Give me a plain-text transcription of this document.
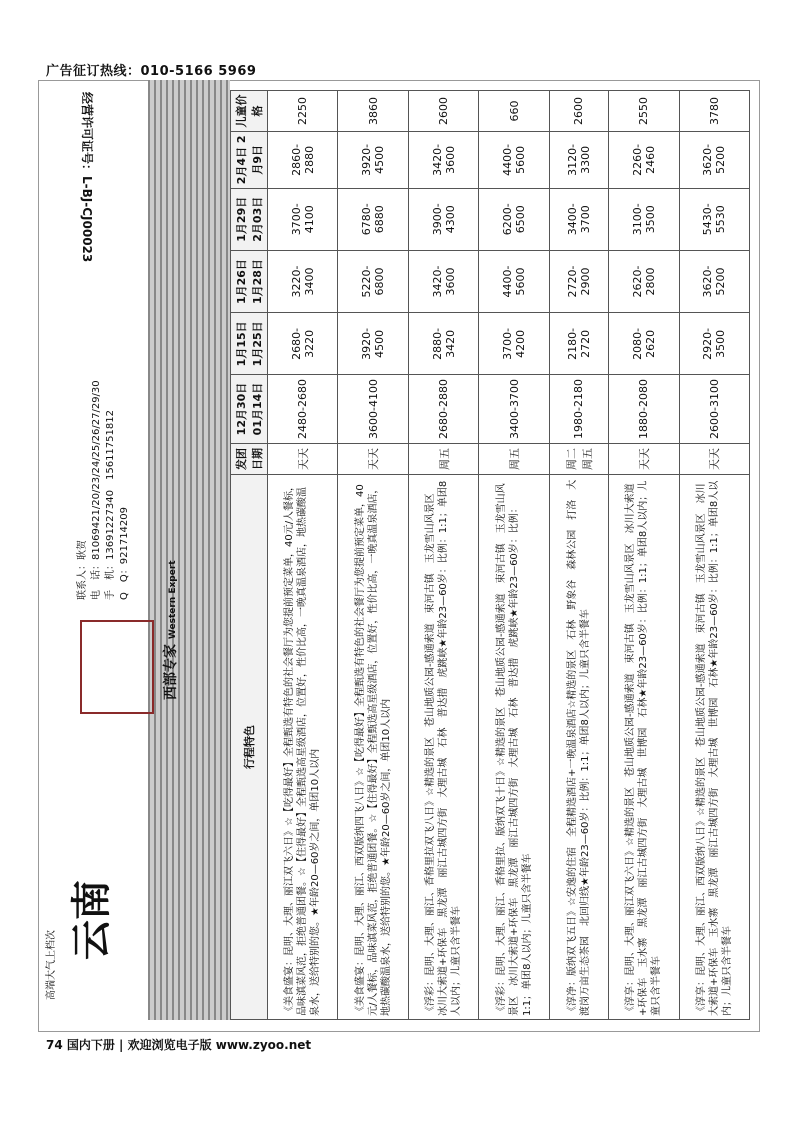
广告征订热线：010-5166 5969
经营许可证号：L-BJ-CJ00023
云南
西部专家 Western Expert
联系人：耿贺 电　话：81069421/20/23/24/25/26/27/29/30 手　机：13691227340　15611751812 Q　Q：921714209
高端大气上档次
行程特色	发团日期	12月30日 01月14日	1月15日 1月25日	1月26日 1月28日	1月29日 2月03日	2月4日 2月9日	儿童价格
《美食盛宴：昆明、大理、丽江双飞六日》☆【吃得最好】全程甄选有特色的社会餐厅为您提前预定菜单，40元/人餐标，品味滇菜风范，拒绝普通团餐。☆【住得最好】全程甄选高星级酒店，位置好，性价比高，一晚真温泉酒店，地热碳酸温泉水，送给特别的您。★年龄20—60岁之间，单团10人以内	天天	2480-2680	2680-3220	3220-3400	3700-4100	2860-2880	2250
《美食盛宴：昆明、大理、丽江、西双版纳四飞八日》☆【吃得最好】全程甄选有特色的社会餐厅为您提前预定菜单，40元/人餐标，品味滇菜风范，拒绝普通团餐。☆【住得最好】全程甄选高星级酒店，位置好，性价比高，一晚真温泉酒店，地热碳酸温泉水，送给特别的您。★年龄20—60岁之间，单团10人以内	天天	3600-4100	3920-4500	5220-6800	6780-6880	3920-4500	3860
《浮彩：昆明、大理、丽江、香格里拉双飞八日》☆精选的景区　苍山地质公园-感通索道　束河古镇　玉龙雪山风景区　冰川大索道+环保车　黑龙潭　丽江古城四方街　大理古城　石林　普达措　虎跳峡★年龄23—60岁：比例：1:1；单团8人以内；儿童只含半餐车	周五	2680-2880	2880-3420	3420-3600	3900-4300	3420-3600	2600
《浮彩：昆明、大理、丽江、香格里拉、版纳双飞十日》☆精选的景区　苍山地质公园-感通索道　束河古镇　玉龙雪山风景区　冰川大索道+环保车　黑龙潭　丽江古城四方街　大理古城　石林　普达措　虎跳峡★年龄23—60岁：比例：1:1；单团8人以内；儿童只含半餐车	周五	3400-3700	3700-4200	4400-5600	6200-6500	4400-5600	660
《淳净：版纳双飞五日》☆安逸的住宿　全程精选酒店+一晚温泉酒店☆精选的景区　石林　野象谷　森林公园　打洛　大渡岗万亩生态茶园　北回归线★年龄23—60岁：比例：1:1；单团8人以内；儿童只含半餐车	周二 周五	1980-2180	2180-2720	2720-2900	3400-3700	3120-3300	2600
《淳享：昆明、大理、丽江双飞六日》☆精选的景区　苍山地质公园-感通索道　束河古镇　玉龙雪山风景区　冰川大索道+环保车　玉水寨　黑龙潭　丽江古城四方街　大理古城　世博园　石林★年龄23—60岁：比例：1:1；单团8人以内；儿童只含半餐车	天天	1880-2080	2080-2620	2620-2800	3100-3500	2260-2460	2550
《淳享：昆明、大理、丽江、西双版纳八日》☆精选的景区　苍山地质公园-感通索道　束河古镇　玉龙雪山风景区　冰川大索道+环保车　玉水寨　黑龙潭　丽江古城四方街　大理古城　世博园　石林★年龄23—60岁：比例：1:1；单团8人以内；儿童只含半餐车	天天	2600-3100	2920-3500	3620-5200	5430-5530	3620-5200	3780
74 国内下册 | 欢迎浏览电子版 www.zyoo.net
